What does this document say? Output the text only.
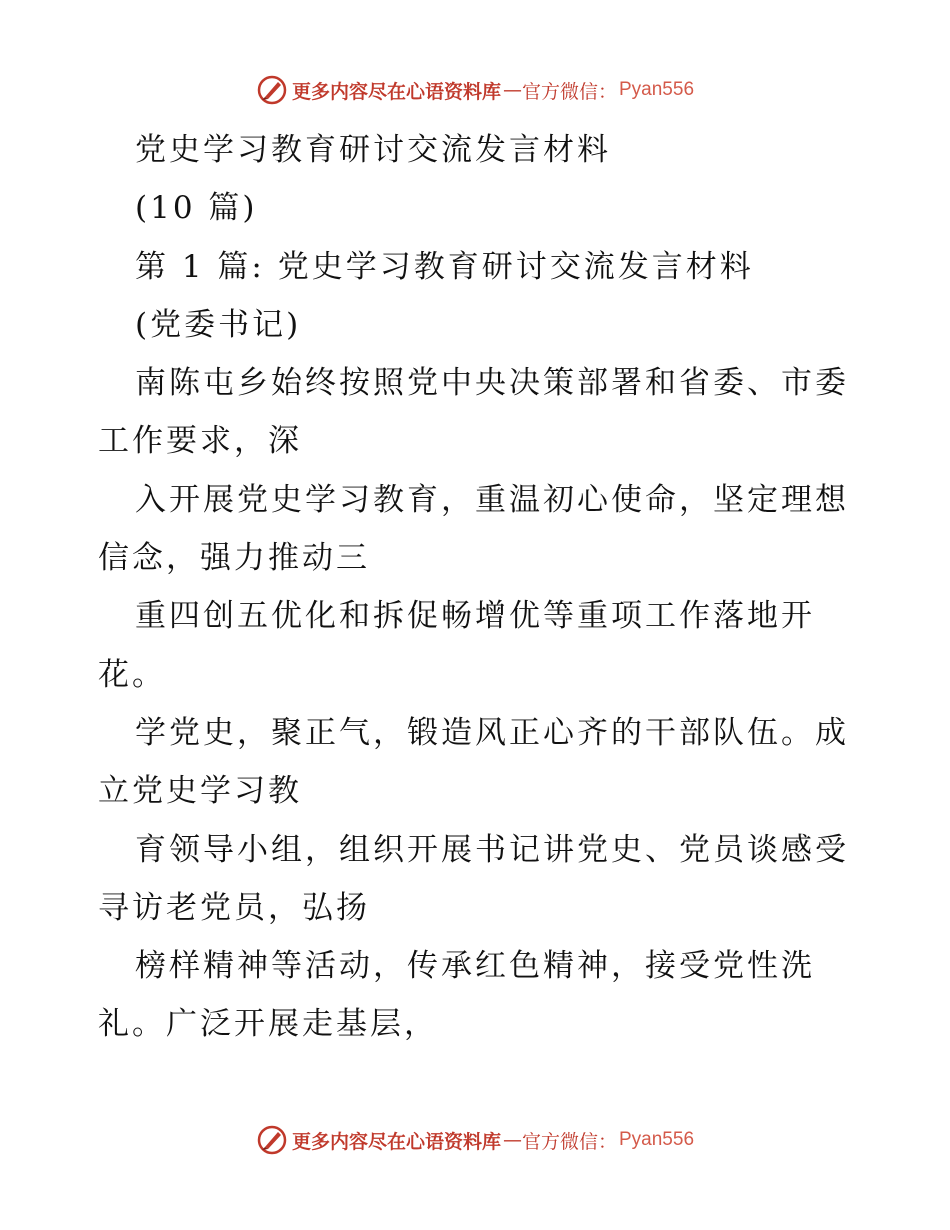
更多内容尽在心语资料库 — 官方微信： Pyan556
党史学习教育研讨交流发言材料
(10 篇)
第 1 篇: 党史学习教育研讨交流发言材料
(党委书记)
南陈屯乡始终按照党中央决策部署和省委、市委
工作要求，深
入开展党史学习教育，重温初心使命，坚定理想
信念，强力推动三
重四创五优化和拆促畅增优等重项工作落地开
花。
学党史，聚正气，锻造风正心齐的干部队伍。成
立党史学习教
育领导小组，组织开展书记讲党史、党员谈感受
寻访老党员，弘扬
榜样精神等活动，传承红色精神，接受党性洗
礼。广泛开展走基层，
更多内容尽在心语资料库 — 官方微信： Pyan556
